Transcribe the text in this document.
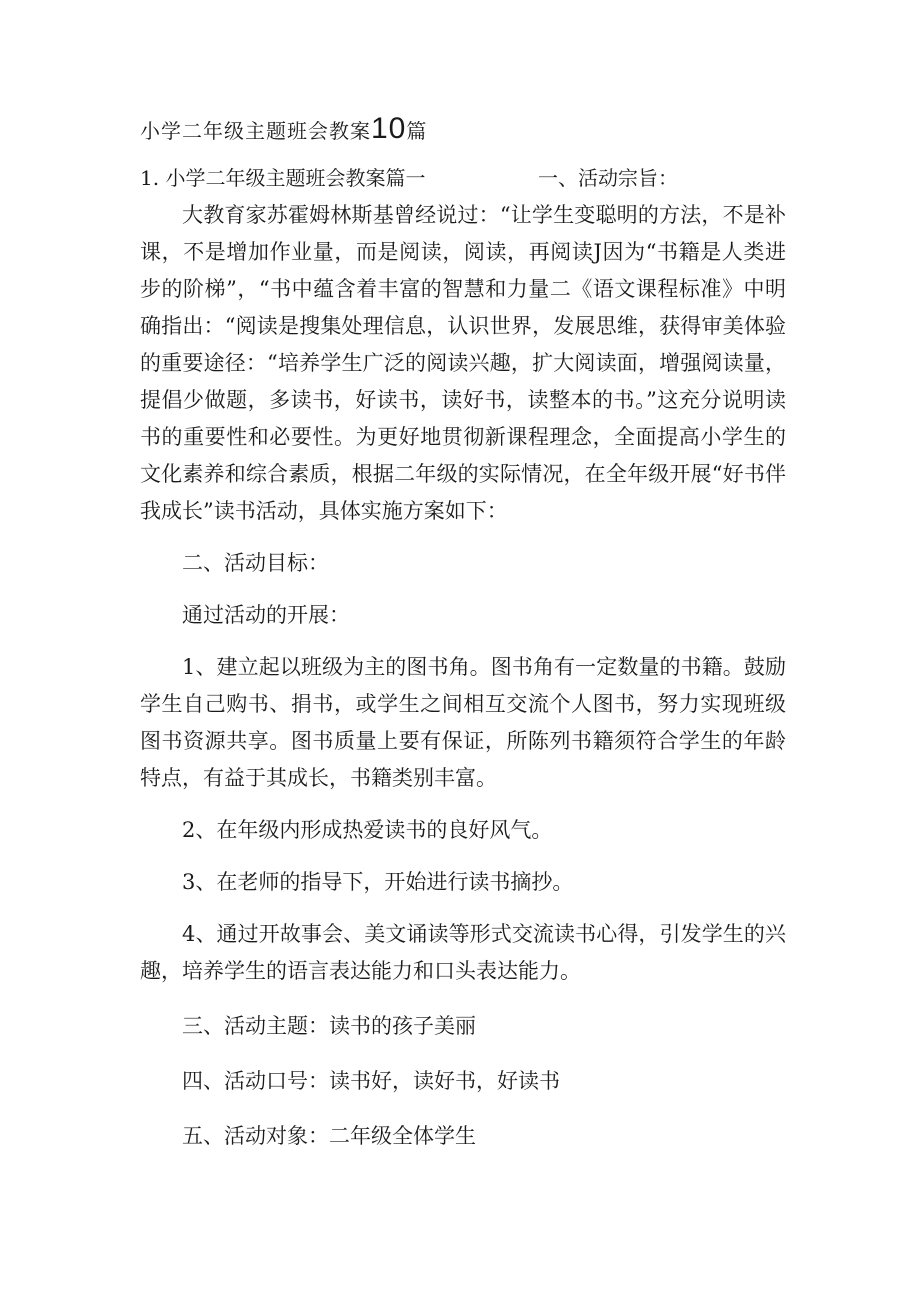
小学二年级主题班会教案10篇
1. 小学二年级主题班会教案篇一	一、活动宗旨：

大教育家苏霍姆林斯基曾经说过：“让学生变聪明的方法，不是补课，不是增加作业量，而是阅读，阅读，再阅读J因为“书籍是人类进步的阶梯”，“书中蕴含着丰富的智慧和力量二《语文课程标准》中明确指出：“阅读是搜集处理信息，认识世界，发展思维，获得审美体验的重要途径：“培养学生广泛的阅读兴趣，扩大阅读面，增强阅读量，提倡少做题，多读书，好读书，读好书，读整本的书。”这充分说明读书的重要性和必要性。为更好地贯彻新课程理念，全面提高小学生的文化素养和综合素质，根据二年级的实际情况，在全年级开展“好书伴我成长”读书活动，具体实施方案如下：

二、活动目标：

通过活动的开展：

1、建立起以班级为主的图书角。图书角有一定数量的书籍。鼓励学生自己购书、捐书，或学生之间相互交流个人图书，努力实现班级图书资源共享。图书质量上要有保证，所陈列书籍须符合学生的年龄特点，有益于其成长，书籍类别丰富。

2、在年级内形成热爱读书的良好风气。

3、在老师的指导下，开始进行读书摘抄。

4、通过开故事会、美文诵读等形式交流读书心得，引发学生的兴趣，培养学生的语言表达能力和口头表达能力。

三、活动主题：读书的孩子美丽

四、活动口号：读书好，读好书，好读书

五、活动对象：二年级全体学生
